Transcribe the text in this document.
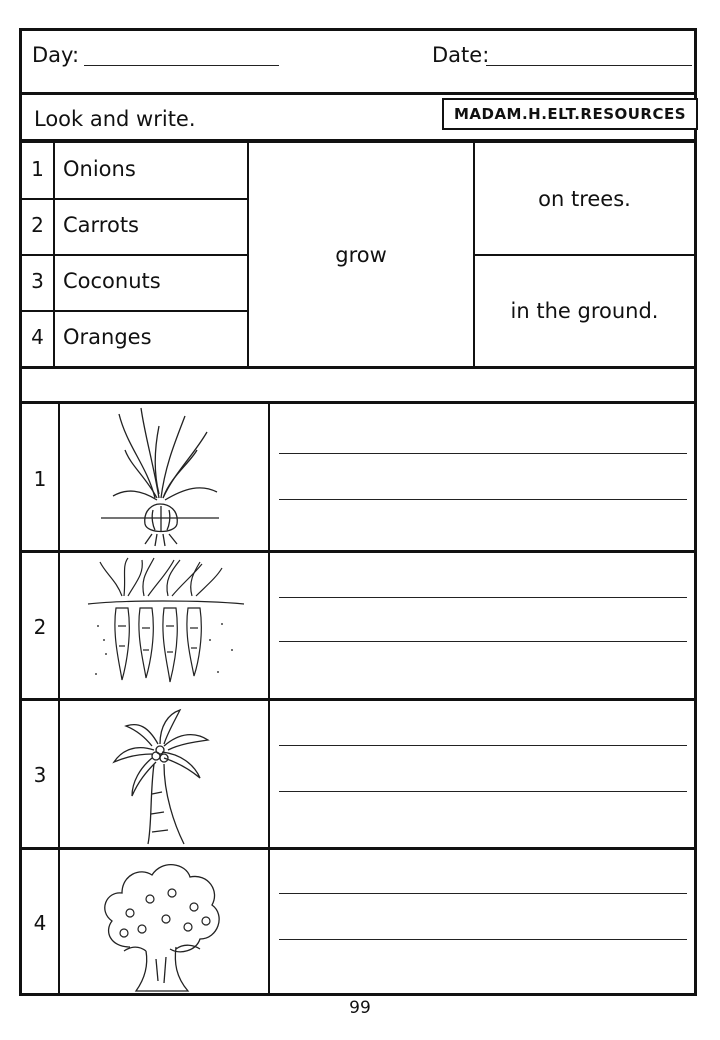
Day:	Date:
Look and write.	MADAM.H.ELT.RESOURCES
1 Onions
2 Carrots
3 Coconuts
4 Oranges
grow
on trees.
in the ground.
1
2
3
4
99
